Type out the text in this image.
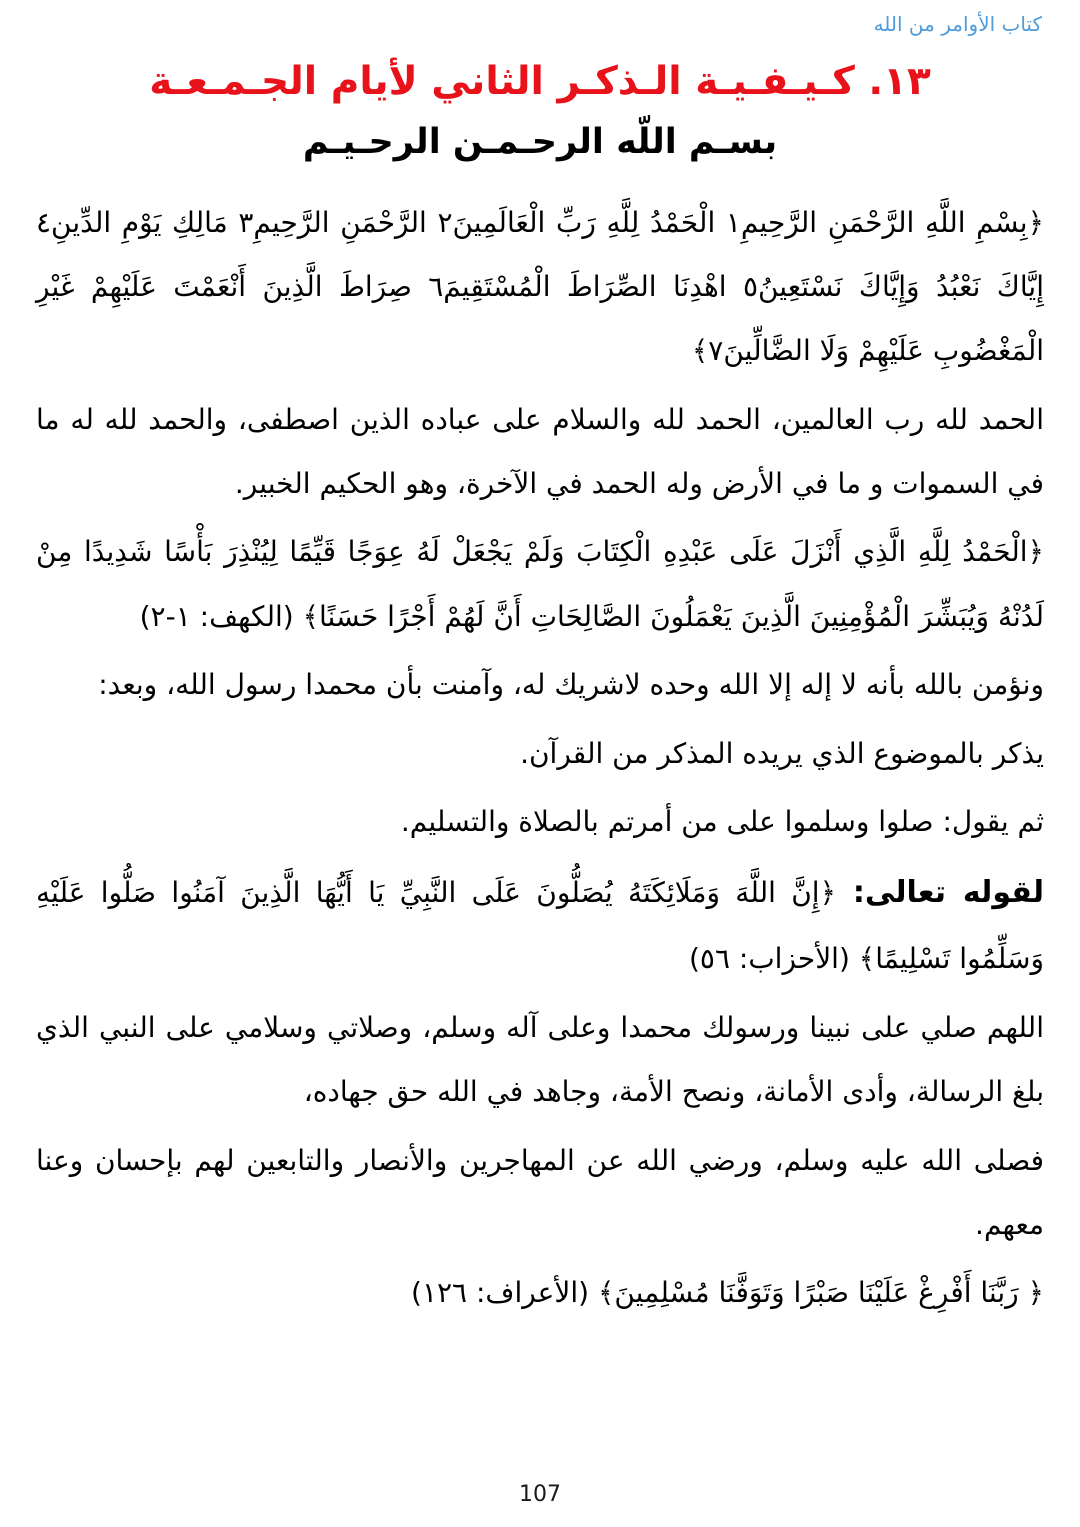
كتاب الأوامر من الله
١٣. كـيـفـيـة الـذكـر الثاني لأيام الجـمـعـة
بسـم اللّه الرحـمـن الرحـيـم

﴿بِسْمِ اللَّهِ الرَّحْمَنِ الرَّحِيمِ١ الْحَمْدُ لِلَّهِ رَبِّ الْعَالَمِينَ٢ الرَّحْمَنِ الرَّحِيمِ٣ مَالِكِ يَوْمِ الدِّينِ٤ إِيَّاكَ نَعْبُدُ وَإِيَّاكَ نَسْتَعِينُ٥ اهْدِنَا الصِّرَاطَ الْمُسْتَقِيمَ٦ صِرَاطَ الَّذِينَ أَنْعَمْتَ عَلَيْهِمْ غَيْرِ الْمَغْضُوبِ عَلَيْهِمْ وَلَا الضَّالِّينَ٧﴾

الحمد لله رب العالمين، الحمد لله والسلام على عباده الذين اصطفى، والحمد لله له ما في السموات و ما في الأرض وله الحمد في الآخرة، وهو الحكيم الخبير.

﴿الْحَمْدُ لِلَّهِ الَّذِي أَنْزَلَ عَلَى عَبْدِهِ الْكِتَابَ وَلَمْ يَجْعَلْ لَهُ عِوَجًا قَيِّمًا لِيُنْذِرَ بَأْسًا شَدِيدًا مِنْ لَدُنْهُ وَيُبَشِّرَ الْمُؤْمِنِينَ الَّذِينَ يَعْمَلُونَ الصَّالِحَاتِ أَنَّ لَهُمْ أَجْرًا حَسَنًا﴾ (الكهف: ١-٢)

ونؤمن بالله بأنه لا إله إلا الله وحده لاشريك له، وآمنت بأن محمدا رسول الله، وبعد:

يذكر بالموضوع الذي يريده المذكر من القرآن.

ثم يقول: صلوا وسلموا على من أمرتم بالصلاة والتسليم.

لقوله تعالى: ﴿إِنَّ اللَّهَ وَمَلَائِكَتَهُ يُصَلُّونَ عَلَى النَّبِيِّ يَا أَيُّهَا الَّذِينَ آمَنُوا صَلُّوا عَلَيْهِ وَسَلِّمُوا تَسْلِيمًا﴾ (الأحزاب: ٥٦)

اللهم صلي على نبينا ورسولك محمدا وعلى آله وسلم، وصلاتي وسلامي على النبي الذي بلغ الرسالة، وأدى الأمانة، ونصح الأمة، وجاهد في الله حق جهاده،

فصلى الله عليه وسلم، ورضي الله عن المهاجرين والأنصار والتابعين لهم بإحسان وعنا معهم.

﴿ رَبَّنَا أَفْرِغْ عَلَيْنَا صَبْرًا وَتَوَفَّنَا مُسْلِمِينَ﴾ (الأعراف: ١٢٦)

107
